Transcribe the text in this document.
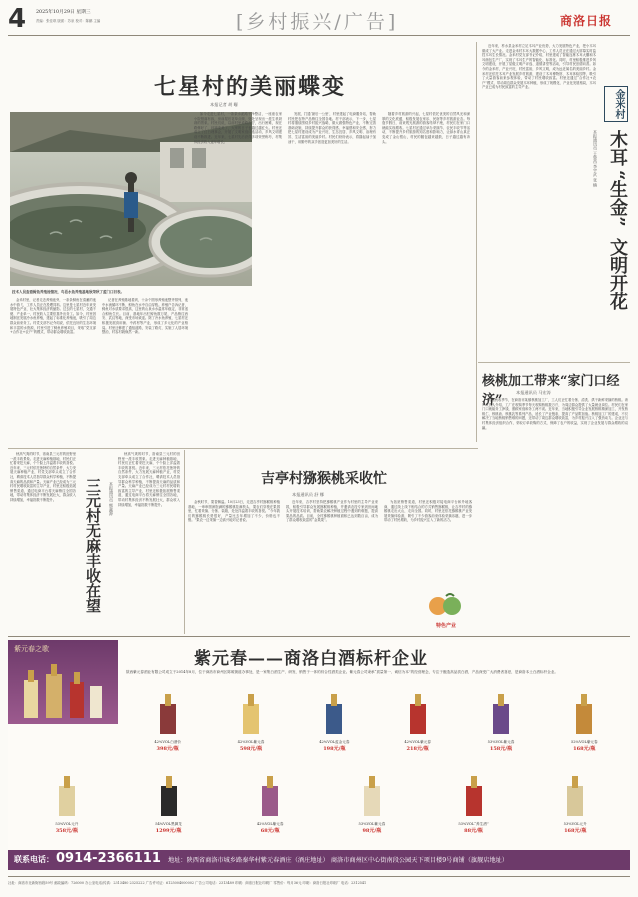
4 2025年10月29日 星期三
责编：张佳琪 版面：苏泉 校对：陈鹏 主编	[乡村振兴/广告]	商洛日报
七星村的美丽蝶变
本报记者 胡 曝
技术人员查看鲟鱼养殖池情况，鸟语水鱼养殖基地欣荣秋了蓝门口旧表。

金米村里，记者走近养殖池旁，一条条鲟鱼在清澈的池水中游弋，工作人员正在投喂饲料。这里是七星村近年来发展特色产业、壮大集体经济的缩影。过去的七星村，交通不便、产业单一，村民收入主要依靠外出务工。如今，村里因地制宜发展冷水鱼养殖，建起了标准化养殖池，吸引了周边群众前来务工。村党支部书记介绍说，依托良好的生态环境和丰富的水资源，村里引进了鲟鱼养殖项目，采取“党支部+合作社+农户”的模式，带动群众增收致富。

记者在养殖基地看到，十余个圆形养殖池整齐排列，池中水流循环不断，鲟鱼在水中自由穿梭。养殖户告诉记者，鲟鱼对水质要求很高，这里的山泉水水温常年稳定，非常适合鲟鱼生长。目前，基地年出栏鲟鱼数万尾，产品销往西安、武汉等地，深受市场欢迎。除了冷水鱼养殖，七星村还积极发展食用菌、中药材等产业，形成了多元化的产业格局。村里还修建了通组道路，安装了路灯，实施了人居环境整治，村容村貌焕然一新。

如今走进七星村，一条条水泥路干净整洁，一座座农家小院错落有致，房前屋后花草点缀，处处呈现出一派生机勃勃的景象。村民们说，以前村里道路泥泞，出行困难，现在路修好了，环境变美了，大家的日子也越过越红火。村里还成立了红白理事会，开展了文明家庭评选活动，乡风文明建设不断推进。近年来，七星村先后获得多项荣誉称号，村集体经济收入逐年增长。

发展，打通‘最后一公里’，村里建起了电商服务站，帮助村民把农特产品销往全国各地。村干部表示，下一步，七星村将继续围绕乡村振兴战略，做大做强特色产业，不断完善基础设施，持续提升群众的获得感、幸福感和安全感，努力把七星村建设成为产业兴旺、生态宜居、乡风文明、治理有效、生活富裕的美丽乡村。村民们纷纷表示，将撸起袖子加油干，用勤劳的双手创造更加美好的生活。

随着乡村旅游的兴起，七星村依托优美的自然风光和深厚的文化底蕴，积极发展农家乐、民宿等乡村旅游业态。每逢节假日，前来观光旅游的游客络绎不绝，村民们在家门口就能实现增收。七星村还通过举办采摘节、农民丰收节等活动，不断提升乡村旅游的知名度和影响力，让绿水青山真正变成了金山银山，村民的腰包越来越鼓，日子越过越有奔头。

近年来，柞水县金米村立足木耳产业优势，大力发展特色产业，把小木耳做成了大产业。走进金米村木耳大数据中心，工作人员正在通过大屏幕实时监控木耳生长情况。金米村党支部书记介绍，村里建成了智能连栋木耳大棚和木耳菌包生产厂，实现了木耳生产的智能化、标准化。同时，村里积极推进乡风文明建设，开展了星级文明户评选、道德讲堂等活动，引导村民崇德向善。如今的金米村，产业兴旺，村民富裕，乡风文明，成为远近闻名的美丽乡村。金米村还依托木耳产业发展乡村旅游，建设了木耳博物馆、木耳体验园等，吸引了大量游客前来参观体验，带动了村民增收致富。村里还通过“合作社+农户”模式，带动周边群众发展木耳种植，形成了规模化、产业化发展格局，木耳产业已成为村民致富的主导产业。

金米村
木耳
“生金”
文明开花
本报通讯员 王鲁西 李宇武 张 楠
核桃加工带来“家门口经济”
本报通讯员 马宏涛

时值秋收季节，在商洛市某镇核桃加工厂，工人们正忙着分拣、清洗、烘干新鲜采摘的核桃。该厂负责人介绍，工厂在收购季节每天收购核桃数万斤，为周边群众提供了大量就业岗位。村民们在家门口就能务工挣钱，照顾家庭和务工两不误。近年来，当地积极引导企业发展核桃精深加工，开发核桃仁、核桃油、核桃乳等系列产品，延长了产业链条，提高了产品附加值。核桃加工厂的建成，不仅解决了当地核桃销售难的问题，还带动了周边群众增收致富，为乡村振兴注入了强劲动力。企业还与村集体经济组织合作，采取订单收购的方式，保障了农户的收益，实现了企业发展与群众增收的双赢。

秋高气爽的时节，洛南县三元村的田野里一派丰收景象。走进天麻种植基地，村民们正忙着采挖天麻，个个脸上洋溢着丰收的喜悦。近年来，三元村依托独特的自然条件，大力发展天麻种植产业，村党支部牵头成立了合作社，聘请技术人员指导群众科学种植，不断提高天麻的品质和产量。天麻产业已经成为三元村村民增收致富的主导产业，村里还积极拓展销售渠道，通过电商平台将天麻销往全国各地，带动村集体经济不断发展壮大，群众收入持续增加，幸福指数不断提升。	三元村无麻丰收在望	本报通讯员 熊鑫源

秋高气爽的时节，洛南县三元村的田野里一派丰收景象。走进天麻种植基地，村民们正忙着采挖天麻，个个脸上洋溢着丰收的喜悦。近年来，三元村依托独特的自然条件，大力发展天麻种植产业，村党支部牵头成立了合作社，聘请技术人员指导群众科学种植，不断提高天麻的品质和产量。天麻产业已经成为三元村村民增收致富的主导产业，村里还积极拓展销售渠道，通过电商平台将天麻销往全国各地，带动村集体经济不断发展壮大，群众收入持续增加，幸福指数不断提升。

吉亭村猕猴桃采收忙
本报通讯员 舒 娜

金秋时节，果香飘溢。10月23日，走进吉亭村猕猴桃种植基地，一串串圆润饱满的猕猴桃挂满枝头，果农们穿梭在果园里，忙着采摘、分拣、装箱，处处洋溢着丰收的喜悦。“今年我们的猕猴桃长势很好，产量比去年增加了不少，价格也不错。”果农一边采摘一边高兴地对记者说。

近年来，吉亭村坚持把猕猴桃产业作为村里的主导产业来抓，积极引导群众发展猕猴桃种植，并邀请农技专家到田间地头开展技术培训，帮助果农解决种植过程中遇到的难题，提高果品的品质。目前，全村猕猴桃种植面积已达到数百亩，成为了群众增收致富的“金果果”。

为拓宽销售渠道，村里还积极对接电商平台和外地客商，通过线上线下相结合的方式销售猕猴桃，让吉亭村的猕猴桃走出大山，走向全国。同时，村里还依托猕猴桃产业发展采摘体验游，吸引了不少游客前来体验采摘乐趣，进一步带动了村民增收，为乡村振兴注入了新的活力。

特色产业
紫元春之歌	紫元春——商洛白酒标杆企业
陕西紫元春酒业有限公司成立于2014年8月，位于商洛市商州区陈塬街道办事处，是一家集白酒生产、研发、销售于一体的综合性酒类企业。紫元春公司秉承“质量第一、诚信为本”的经营理念，专注于酿造高品质白酒，产品深受广大消费者喜爱，是商洛本土白酒标杆企业。
42%VOL白酒价
398元/瓶
42%VOL紫元春
598元/瓶
42%VOL蓝金元春
198元/瓶
42%VOL紫元春
218元/瓶
53%VOL紫元春
158元/瓶
52%VOL紫元春
168元/瓶
53%VOL元升
358元/瓶
54%VOL黑御龙
1299元/瓶
42%VOL紫元春
68元/瓶
53%VOL紫元春
98元/瓶
53%VOL“养生酒”
88元/瓶
53%VOL元升
168元/瓶
联系电话： 0914-2366111 地址：陕西省商洛市城乡路秦华村紫元春酒庄（酒庄地址） 商洛市商州区中心街南段公园天下项目楼9号商铺（旗舰店地址）
社址：商洛市北新街西段59号 邮政编码：726000 办公室电话/传真：2313480 2325222 广告许可证：6125004000002 广告公司电话：2313489 印刷：商洛日报社印刷厂 零售价：每月36元 印刷：商洛日报社印刷厂 电话：2312541
